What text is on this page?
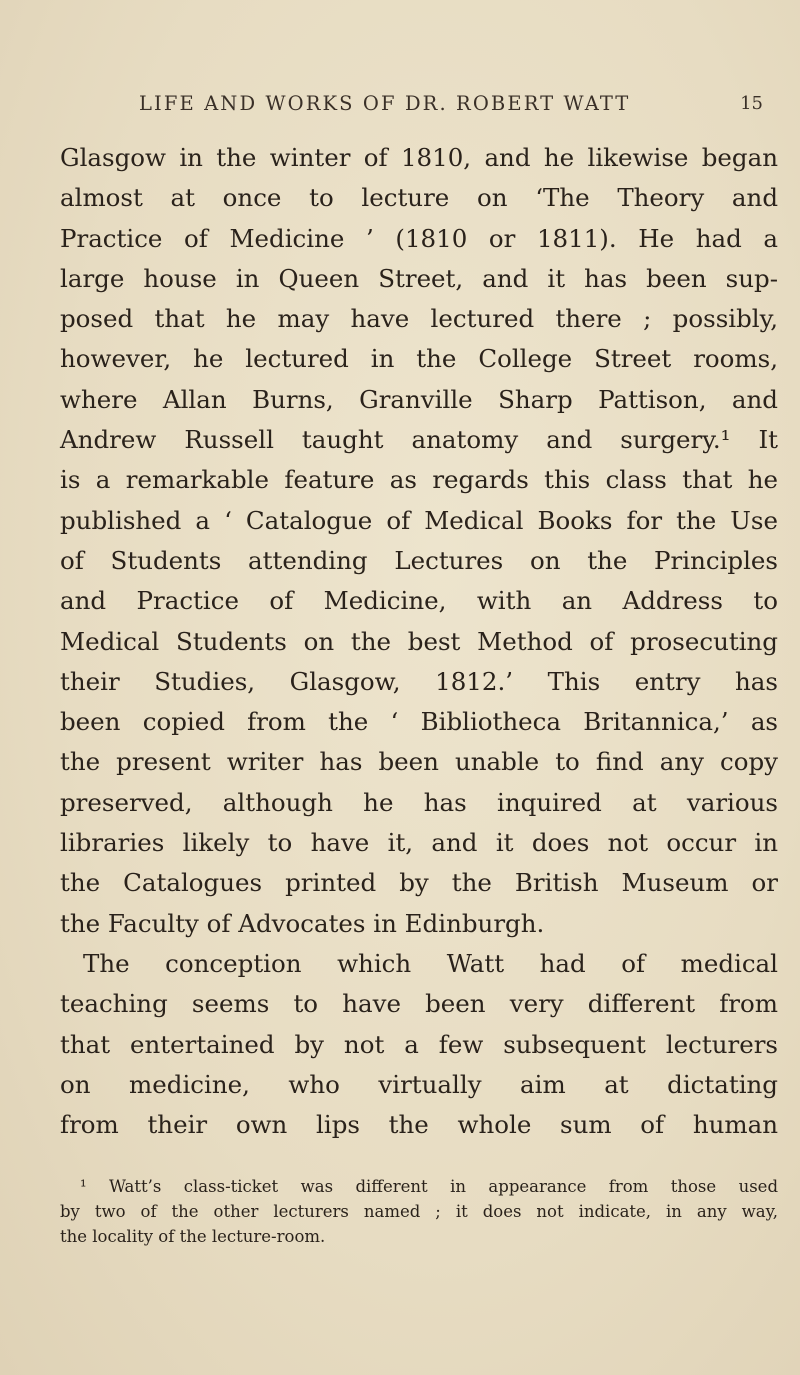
LIFE AND WORKS OF DR. ROBERT WATT	15
Glasgow in the winter of 1810, and he likewise began
almost at once to lecture on ‘The Theory and
Practice of Medicine ’ (1810 or 1811). He had a
large house in Queen Street, and it has been sup-
posed that he may have lectured there ; possibly,
however, he lectured in the College Street rooms,
where Allan Burns, Granville Sharp Pattison, and
Andrew Russell taught anatomy and surgery.¹ It
is a remarkable feature as regards this class that he
published a ‘ Catalogue of Medical Books for the Use
of Students attending Lectures on the Principles
and Practice of Medicine, with an Address to
Medical Students on the best Method of prosecuting
their Studies, Glasgow, 1812.’ This entry has
been copied from the ‘ Bibliotheca Britannica,’ as
the present writer has been unable to find any copy
preserved, although he has inquired at various
libraries likely to have it, and it does not occur in
the Catalogues printed by the British Museum or
the Faculty of Advocates in Edinburgh.
The conception which Watt had of medical
teaching seems to have been very different from
that entertained by not a few subsequent lecturers
on medicine, who virtually aim at dictating
from their own lips the whole sum of human
¹ Watt’s class-ticket was different in appearance from those used
by two of the other lecturers named ; it does not indicate, in any way,
the locality of the lecture-room.
